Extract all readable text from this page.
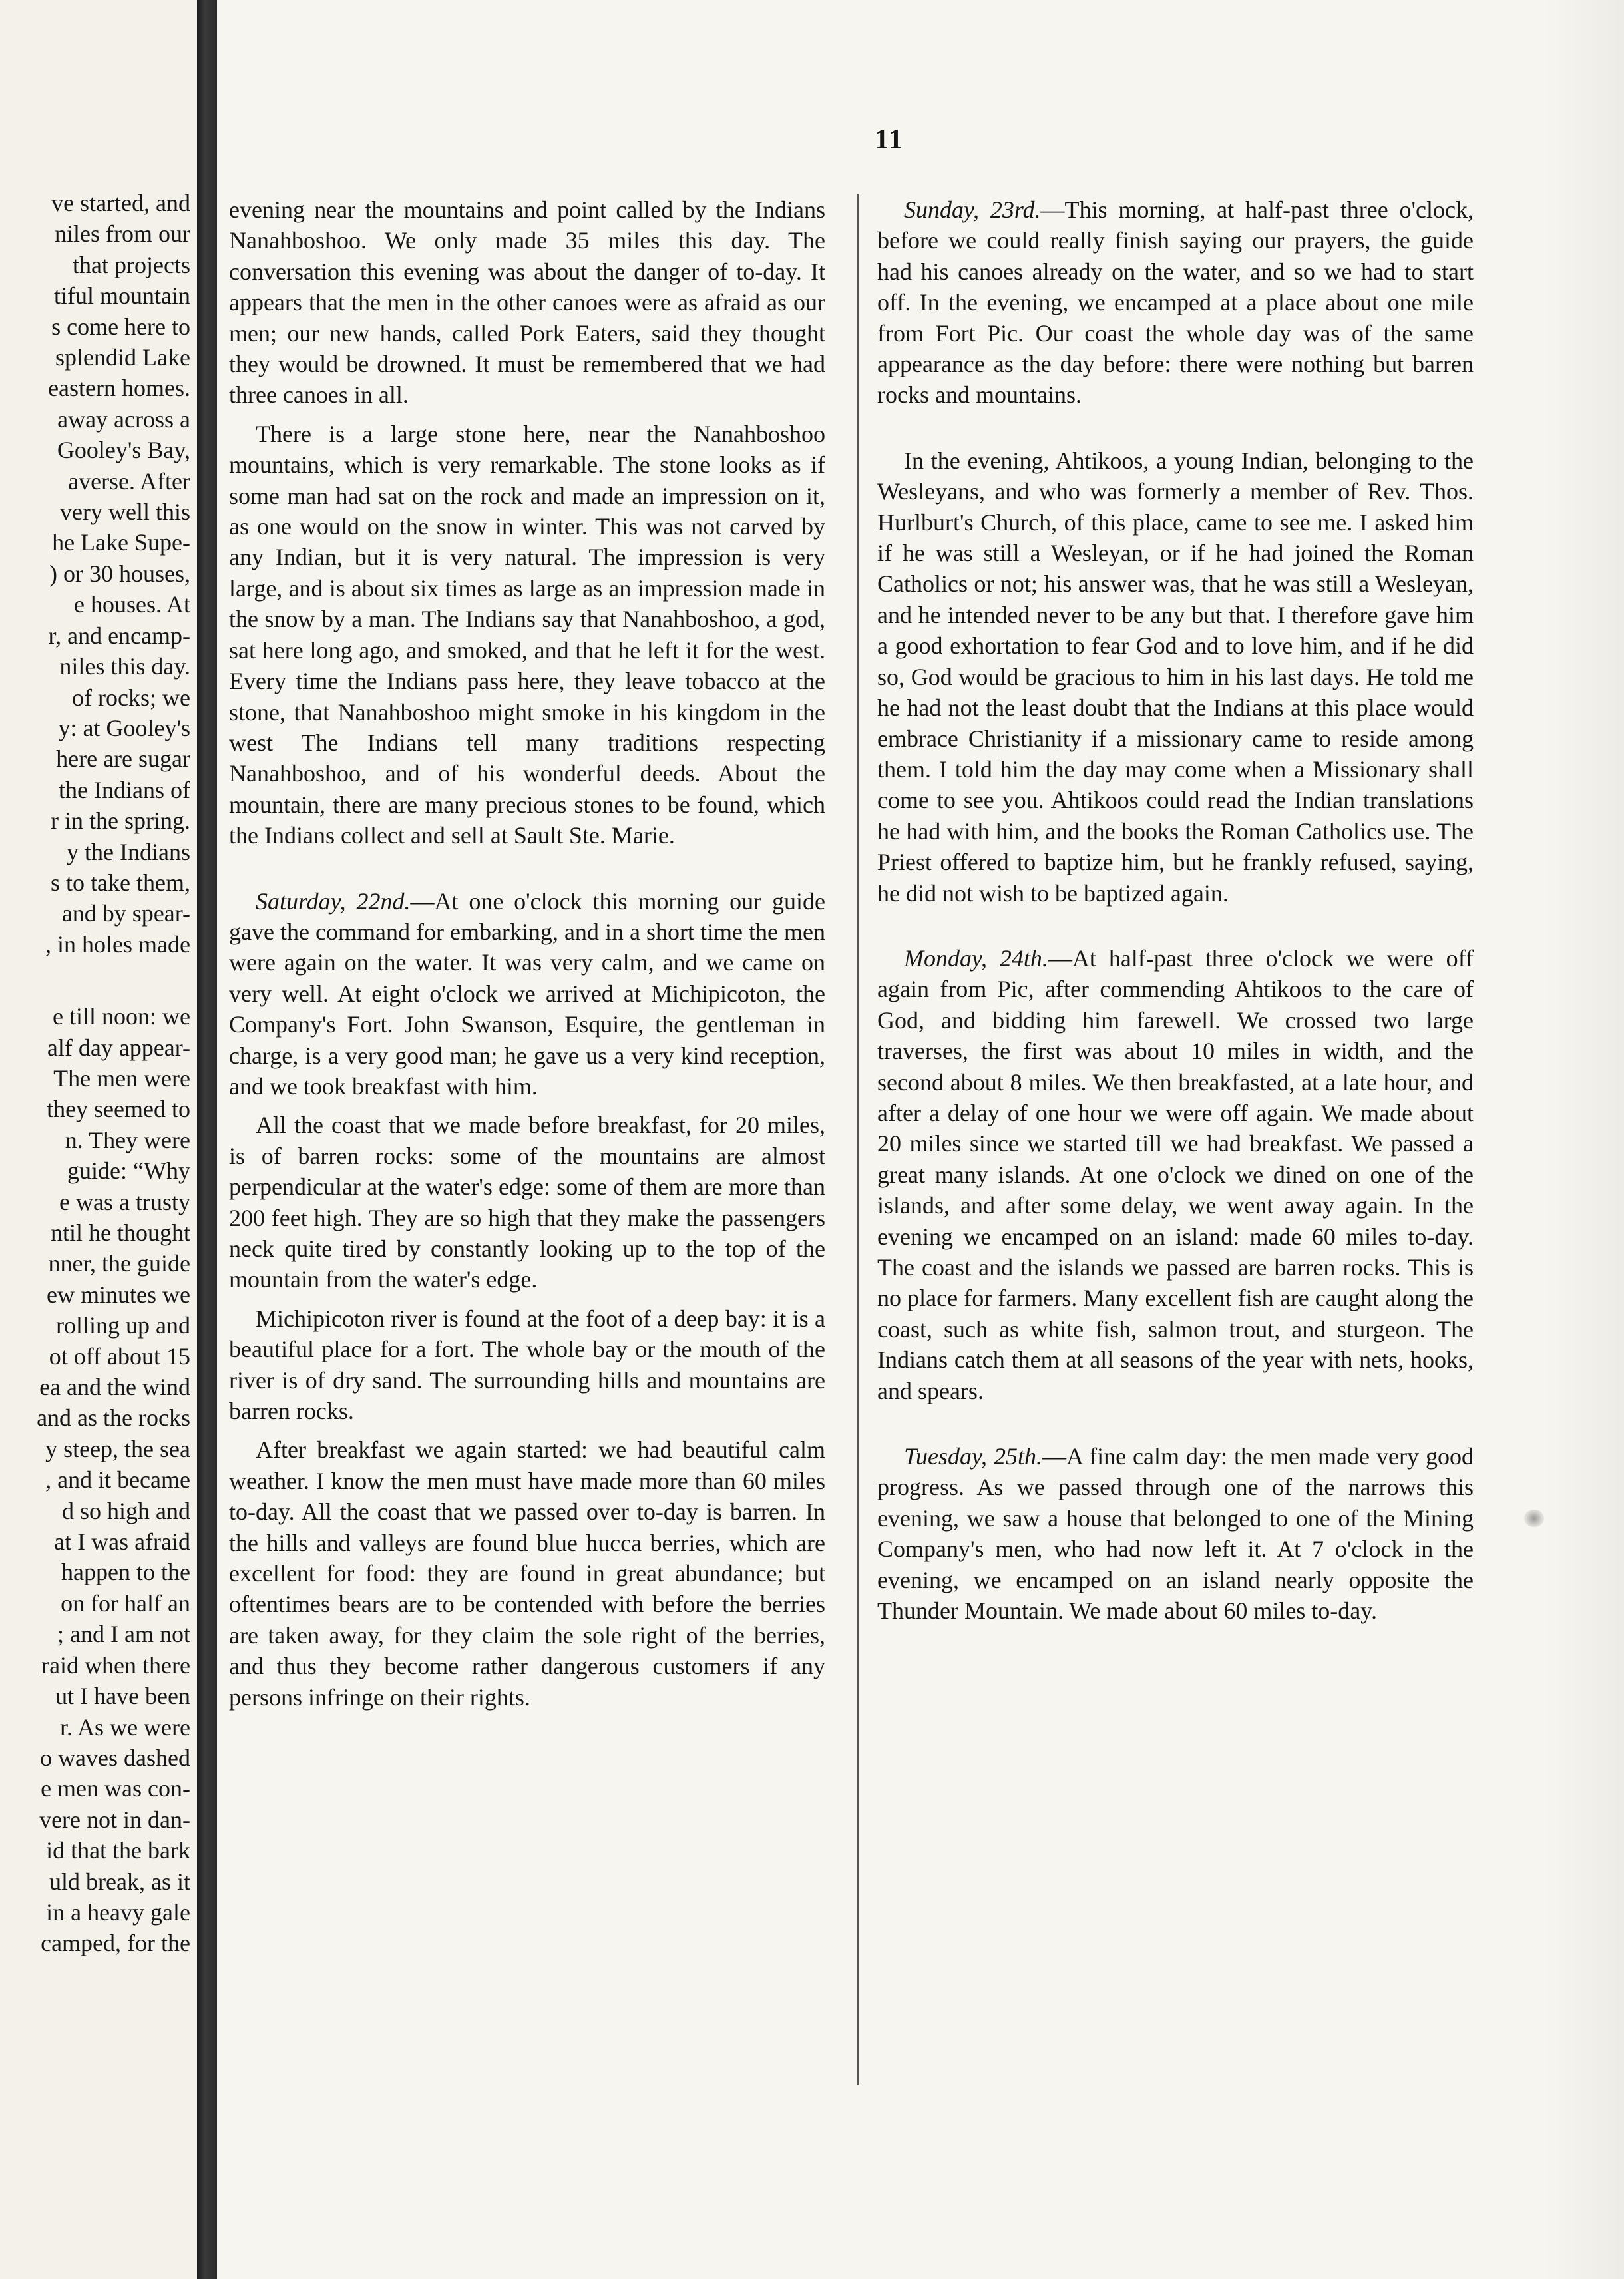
ve started, and
niles from our
that projects
tiful mountain
s come here to
splendid Lake
eastern homes.
away across a
Gooley's Bay,
averse. After
very well this
he Lake Supe-
) or 30 houses,
e houses. At
r, and encamp-
niles this day.
of rocks; we
y: at Gooley's
here are sugar
the Indians of
r in the spring.
y the Indians
s to take them,
and by spear-
, in holes made
e till noon: we
alf day appear-
The men were
they seemed to
n. They were
guide: “Why
e was a trusty
ntil he thought
nner, the guide
ew minutes we
rolling up and
ot off about 15
ea and the wind
and as the rocks
y steep, the sea
, and it became
d so high and
at I was afraid
happen to the
on for half an
; and I am not
raid when there
ut I have been
r. As we were
o waves dashed
e men was con-
vere not in dan-
id that the bark
uld break, as it
in a heavy gale
camped, for the
11

evening near the mountains and point called by the Indians Nanahboshoo. We only made 35 miles this day. The conversation this evening was about the danger of to-day. It appears that the men in the other canoes were as afraid as our men; our new hands, called Pork Eaters, said they thought they would be drowned. It must be remembered that we had three canoes in all.

There is a large stone here, near the Nanahboshoo mountains, which is very remarkable. The stone looks as if some man had sat on the rock and made an impression on it, as one would on the snow in winter. This was not carved by any Indian, but it is very natural. The impression is very large, and is about six times as large as an impression made in the snow by a man. The Indians say that Nanahboshoo, a god, sat here long ago, and smoked, and that he left it for the west. Every time the Indians pass here, they leave tobacco at the stone, that Nanahboshoo might smoke in his kingdom in the west The Indians tell many traditions respecting Nanahboshoo, and of his wonderful deeds. About the mountain, there are many precious stones to be found, which the Indians collect and sell at Sault Ste. Marie.

Saturday, 22nd.—At one o'clock this morning our guide gave the command for embarking, and in a short time the men were again on the water. It was very calm, and we came on very well. At eight o'clock we arrived at Michipicoton, the Company's Fort. John Swanson, Esquire, the gentleman in charge, is a very good man; he gave us a very kind reception, and we took breakfast with him.

All the coast that we made before breakfast, for 20 miles, is of barren rocks: some of the mountains are almost perpendicular at the water's edge: some of them are more than 200 feet high. They are so high that they make the passengers neck quite tired by constantly looking up to the top of the mountain from the water's edge.

Michipicoton river is found at the foot of a deep bay: it is a beautiful place for a fort. The whole bay or the mouth of the river is of dry sand. The surrounding hills and mountains are barren rocks.

After breakfast we again started: we had beautiful calm weather. I know the men must have made more than 60 miles to-day. All the coast that we passed over to-day is barren. In the hills and valleys are found blue hucca berries, which are excellent for food: they are found in great abundance; but oftentimes bears are to be contended with before the berries are taken away, for they claim the sole right of the berries, and thus they become rather dangerous customers if any persons infringe on their rights.

Sunday, 23rd.—This morning, at half-past three o'clock, before we could really finish saying our prayers, the guide had his canoes already on the water, and so we had to start off. In the evening, we encamped at a place about one mile from Fort Pic. Our coast the whole day was of the same appearance as the day before: there were nothing but barren rocks and mountains.

In the evening, Ahtikoos, a young Indian, belonging to the Wesleyans, and who was formerly a member of Rev. Thos. Hurlburt's Church, of this place, came to see me. I asked him if he was still a Wesleyan, or if he had joined the Roman Catholics or not; his answer was, that he was still a Wesleyan, and he intended never to be any but that. I therefore gave him a good exhortation to fear God and to love him, and if he did so, God would be gracious to him in his last days. He told me he had not the least doubt that the Indians at this place would embrace Christianity if a missionary came to reside among them. I told him the day may come when a Missionary shall come to see you. Ahtikoos could read the Indian translations he had with him, and the books the Roman Catholics use. The Priest offered to baptize him, but he frankly refused, saying, he did not wish to be baptized again.

Monday, 24th.—At half-past three o'clock we were off again from Pic, after commending Ahtikoos to the care of God, and bidding him farewell. We crossed two large traverses, the first was about 10 miles in width, and the second about 8 miles. We then breakfasted, at a late hour, and after a delay of one hour we were off again. We made about 20 miles since we started till we had breakfast. We passed a great many islands. At one o'clock we dined on one of the islands, and after some delay, we went away again. In the evening we encamped on an island: made 60 miles to-day. The coast and the islands we passed are barren rocks. This is no place for farmers. Many excellent fish are caught along the coast, such as white fish, salmon trout, and sturgeon. The Indians catch them at all seasons of the year with nets, hooks, and spears.

Tuesday, 25th.—A fine calm day: the men made very good progress. As we passed through one of the narrows this evening, we saw a house that belonged to one of the Mining Company's men, who had now left it. At 7 o'clock in the evening, we encamped on an island nearly opposite the Thunder Mountain. We made about 60 miles to-day.
